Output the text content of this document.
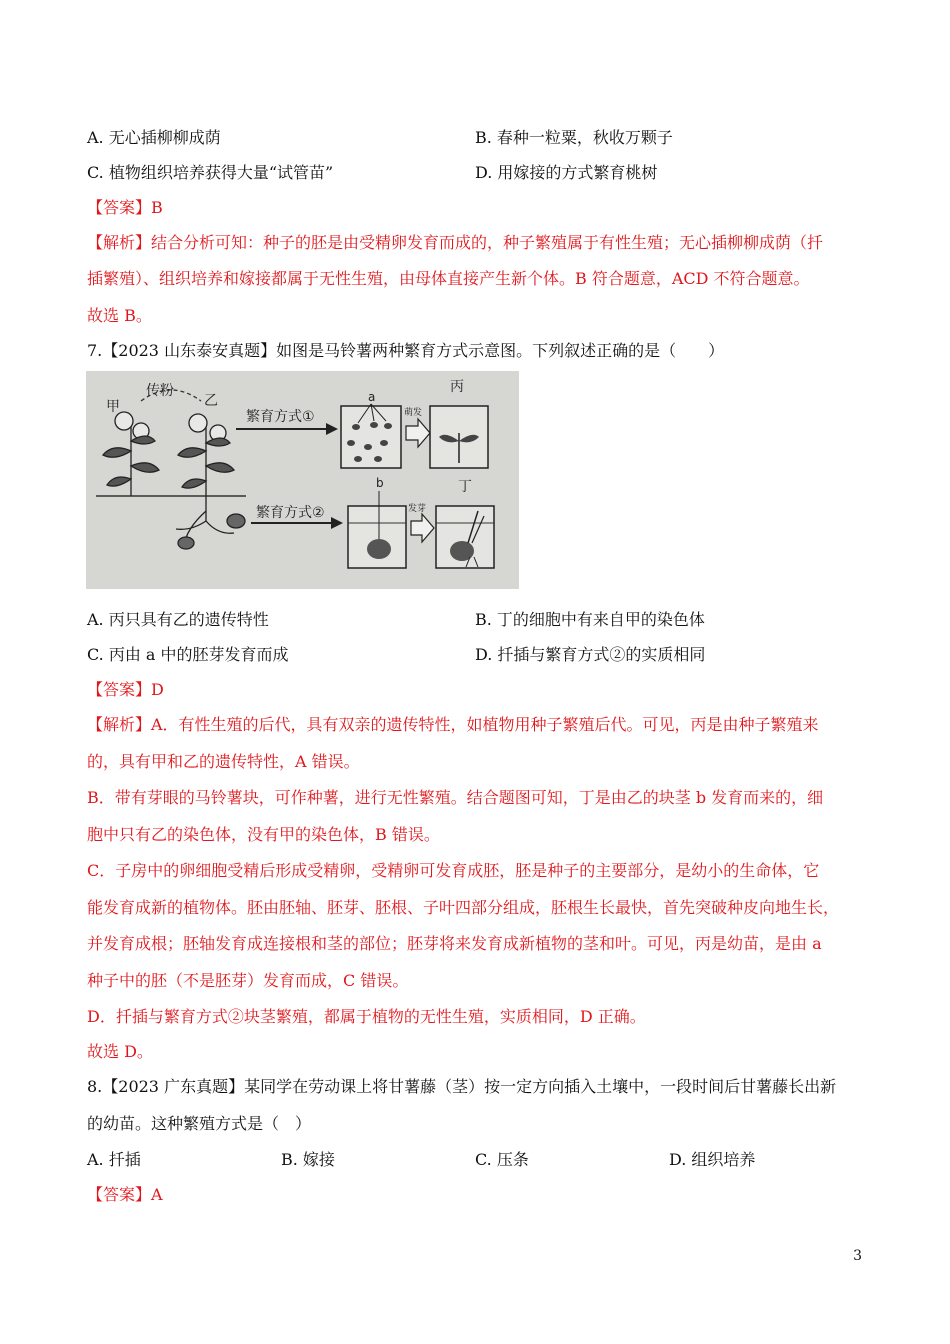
A. 无心插柳柳成荫	B. 春种一粒粟，秋收万颗子
C. 植物组织培养获得大量“试管苗”	D. 用嫁接的方式繁育桃树
【答案】B
【解析】结合分析可知：种子的胚是由受精卵发育而成的，种子繁殖属于有性生殖；无心插柳柳成荫（扦
插繁殖）、组织培养和嫁接都属于无性生殖，由母体直接产生新个体。B 符合题意，ACD 不符合题意。
故选 B。
7.【2023 山东泰安真题】如图是马铃薯两种繁育方式示意图。下列叙述正确的是（　　）
甲
传粉
乙
繁育方式①
a
萌发
丙
繁育方式②
b
发芽
丁
A. 丙只具有乙的遗传特性	B. 丁的细胞中有来自甲的染色体
C. 丙由 a 中的胚芽发育而成	D. 扦插与繁育方式②的实质相同
【答案】D
【解析】A．有性生殖的后代，具有双亲的遗传特性，如植物用种子繁殖后代。可见，丙是由种子繁殖来
的，具有甲和乙的遗传特性，A 错误。
B．带有芽眼的马铃薯块，可作种薯，进行无性繁殖。结合题图可知，丁是由乙的块茎 b 发育而来的，细
胞中只有乙的染色体，没有甲的染色体，B 错误。
C．子房中的卵细胞受精后形成受精卵，受精卵可发育成胚，胚是种子的主要部分，是幼小的生命体，它
能发育成新的植物体。胚由胚轴、胚芽、胚根、子叶四部分组成，胚根生长最快，首先突破种皮向地生长，
并发育成根；胚轴发育成连接根和茎的部位；胚芽将来发育成新植物的茎和叶。可见，丙是幼苗，是由 a
种子中的胚（不是胚芽）发育而成，C 错误。
D．扦插与繁育方式②块茎繁殖，都属于植物的无性生殖，实质相同，D 正确。
故选 D。
8.【2023 广东真题】某同学在劳动课上将甘薯藤（茎）按一定方向插入土壤中，一段时间后甘薯藤长出新
的幼苗。这种繁殖方式是（　）
A. 扦插	B. 嫁接	C. 压条	D. 组织培养
【答案】A
3
